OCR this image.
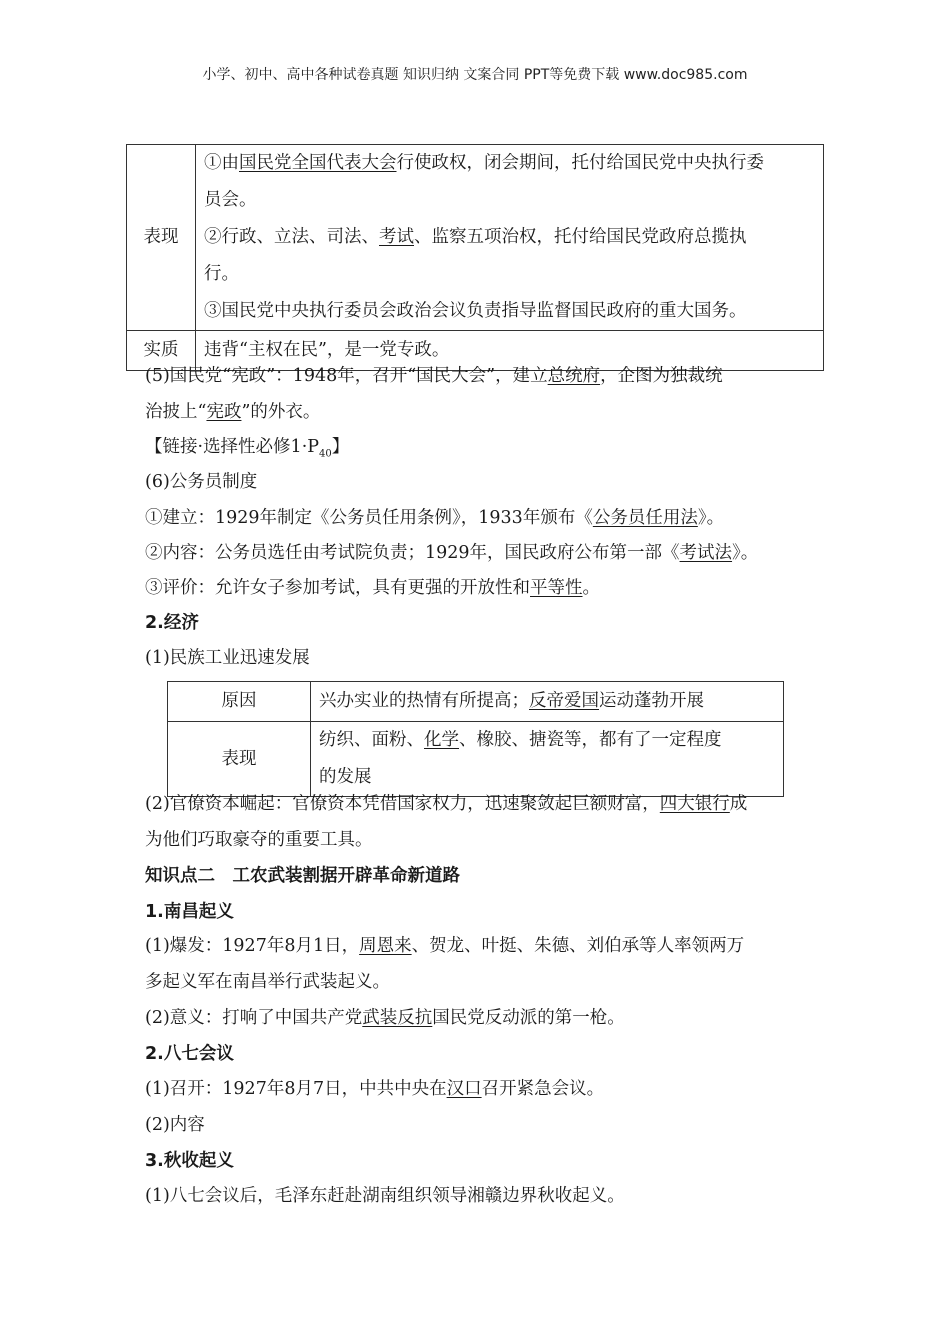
小学、初中、高中各种试卷真题 知识归纳 文案合同 PPT等免费下载 www.doc985.com
表现	①由国民党全国代表大会行使政权，闭会期间，托付给国民党中央执行委
员会。
②行政、立法、司法、考试、监察五项治权，托付给国民党政府总揽执
行。
③国民党中央执行委员会政治会议负责指导监督国民政府的重大国务。

实质	违背“主权在民”，是一党专政。
(5)国民党“宪政”：1948年，召开“国民大会”，建立总统府，企图为独裁统
治披上“宪政”的外衣。
【链接·选择性必修$1\cdot P_{40}$】
(6)公务员制度
①建立：1929年制定《公务员任用条例》，1933年颁布《公务员任用法》。
②内容：公务员选任由考试院负责；1929年，国民政府公布第一部《考试法》。
③评价：允许女子参加考试，具有更强的开放性和平等性。
2.经济
(1)民族工业迅速发展
原因	兴办实业的热情有所提高；反帝爱国运动蓬勃开展
表现	纺织、面粉、化学、橡胶、搪瓷等，都有了一定程度
的发展
(2)官僚资本崛起：官僚资本凭借国家权力，迅速聚敛起巨额财富，四大银行成
为他们巧取豪夺的重要工具。
知识点二　工农武装割据开辟革命新道路
1.南昌起义
(1)爆发：1927年8月1日，周恩来、贺龙、叶挺、朱德、刘伯承等人率领两万
多起义军在南昌举行武装起义。
(2)意义：打响了中国共产党武装反抗国民党反动派的第一枪。
2.八七会议
(1)召开：1927年8月7日，中共中央在汉口召开紧急会议。
(2)内容
3.秋收起义
(1)八七会议后，毛泽东赶赴湖南组织领导湘赣边界秋收起义。
